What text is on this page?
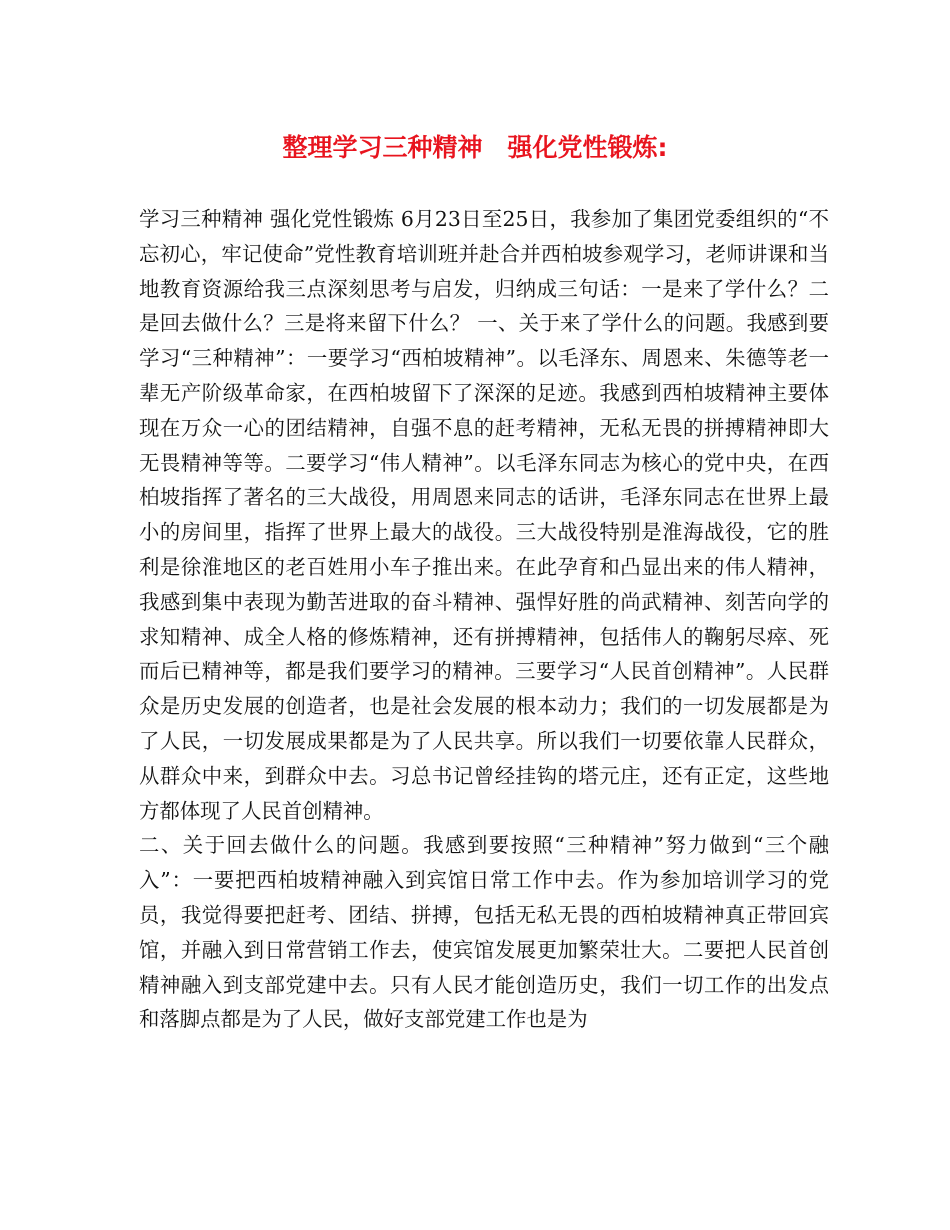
整理学习三种精神　强化党性锻炼:

学习三种精神 强化党性锻炼 6月23日至25日，我参加了集团党委组织的“不忘初心，牢记使命”党性教育培训班并赴合并西柏坡参观学习，老师讲课和当地教育资源给我三点深刻思考与启发，归纳成三句话：一是来了学什么？二是回去做什么？三是将来留下什么？ 一、关于来了学什么的问题。我感到要学习“三种精神”：一要学习“西柏坡精神”。以毛泽东、周恩来、朱德等老一辈无产阶级革命家，在西柏坡留下了深深的足迹。我感到西柏坡精神主要体现在万众一心的团结精神，自强不息的赶考精神，无私无畏的拼搏精神即大无畏精神等等。二要学习“伟人精神”。以毛泽东同志为核心的党中央，在西柏坡指挥了著名的三大战役，用周恩来同志的话讲，毛泽东同志在世界上最小的房间里，指挥了世界上最大的战役。三大战役特别是淮海战役，它的胜利是徐淮地区的老百姓用小车子推出来。在此孕育和凸显出来的伟人精神，我感到集中表现为勤苦进取的奋斗精神、强悍好胜的尚武精神、刻苦向学的求知精神、成全人格的修炼精神，还有拼搏精神，包括伟人的鞠躬尽瘁、死而后已精神等，都是我们要学习的精神。三要学习“人民首创精神”。人民群众是历史发展的创造者，也是社会发展的根本动力；我们的一切发展都是为了人民，一切发展成果都是为了人民共享。所以我们一切要依靠人民群众，从群众中来，到群众中去。习总书记曾经挂钩的塔元庄，还有正定，这些地方都体现了人民首创精神。

二、关于回去做什么的问题。我感到要按照“三种精神”努力做到“三个融入”：一要把西柏坡精神融入到宾馆日常工作中去。作为参加培训学习的党员，我觉得要把赶考、团结、拼搏，包括无私无畏的西柏坡精神真正带回宾馆，并融入到日常营销工作去，使宾馆发展更加繁荣壮大。二要把人民首创精神融入到支部党建中去。只有人民才能创造历史，我们一切工作的出发点和落脚点都是为了人民，做好支部党建工作也是为
